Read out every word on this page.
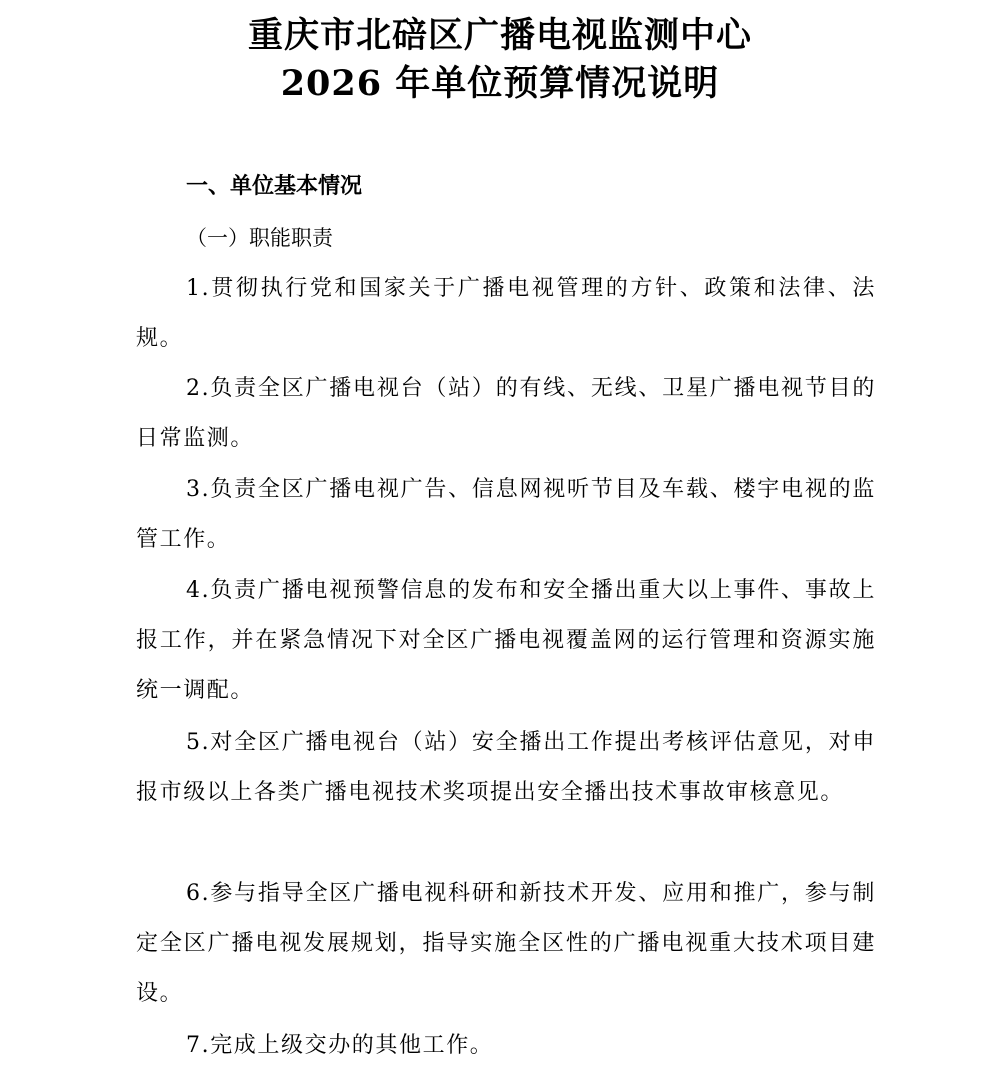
重庆市北碚区广播电视监测中心
2026 年单位预算情况说明
一、单位基本情况
（一）职能职责

1.贯彻执行党和国家关于广播电视管理的方针、政策和法律、法规。

2.负责全区广播电视台（站）的有线、无线、卫星广播电视节目的日常监测。

3.负责全区广播电视广告、信息网视听节目及车载、楼宇电视的监管工作。

4.负责广播电视预警信息的发布和安全播出重大以上事件、事故上报工作，并在紧急情况下对全区广播电视覆盖网的运行管理和资源实施统一调配。

5.对全区广播电视台（站）安全播出工作提出考核评估意见，对申报市级以上各类广播电视技术奖项提出安全播出技术事故审核意见。

6.参与指导全区广播电视科研和新技术开发、应用和推广，参与制定全区广播电视发展规划，指导实施全区性的广播电视重大技术项目建设。

7.完成上级交办的其他工作。
